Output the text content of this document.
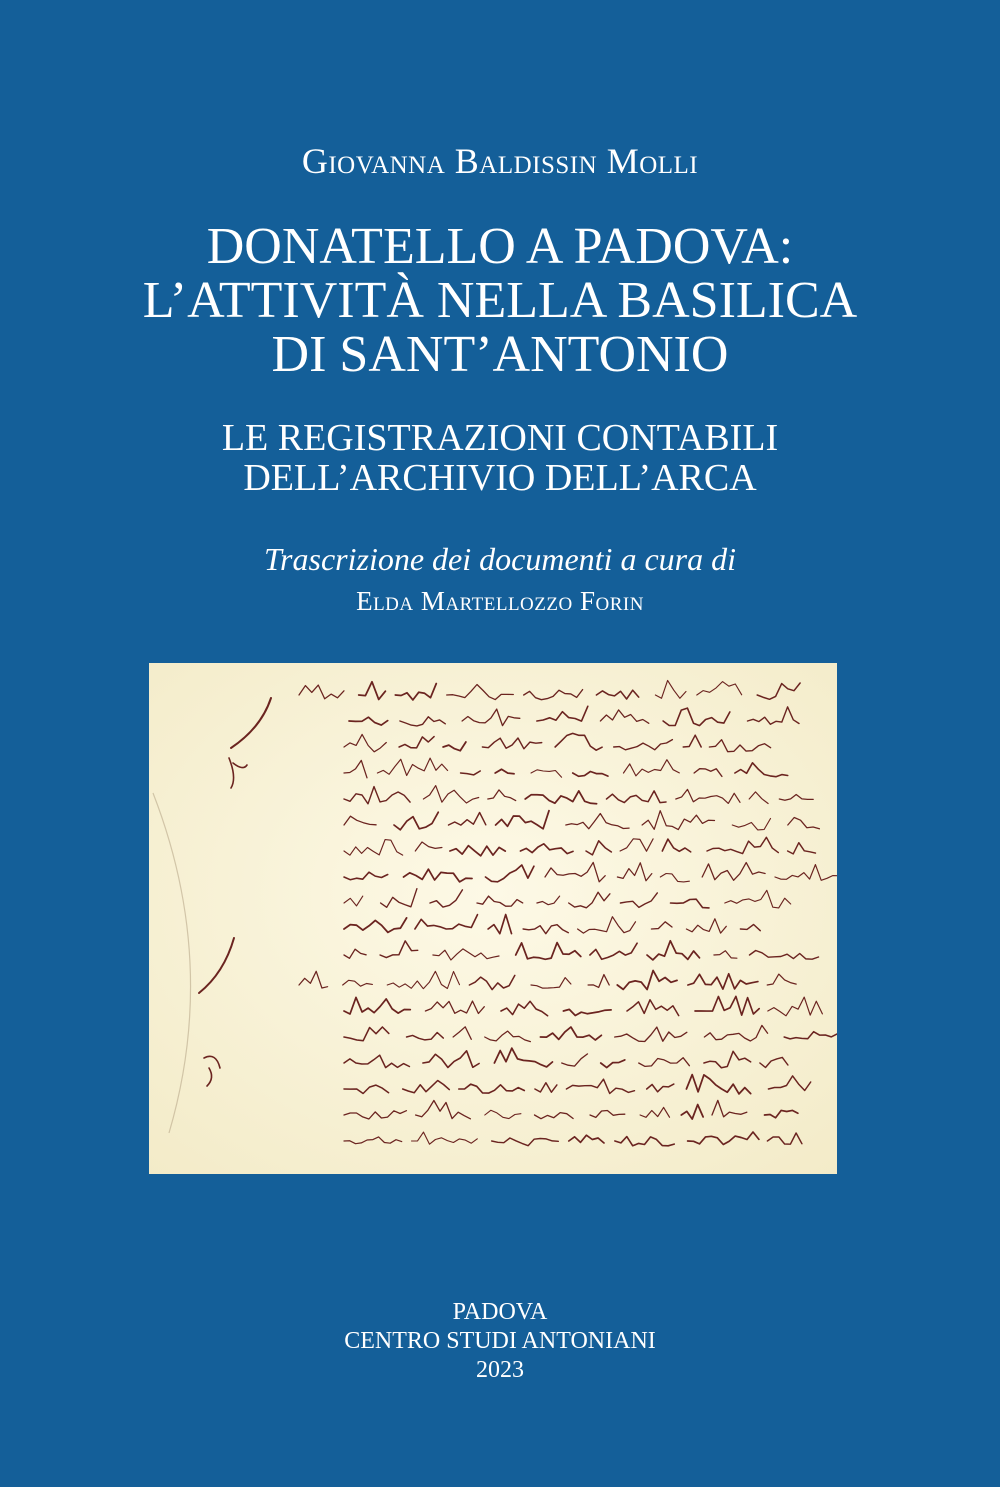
Giovanna Baldissin Molli
DONATELLO A PADOVA:
L’ATTIVITÀ NELLA BASILICA
DI SANT’ANTONIO
LE REGISTRAZIONI CONTABILI
DELL’ARCHIVIO DELL’ARCA
Trascrizione dei documenti a cura di
Elda Martellozzo Forin
PADOVA
CENTRO STUDI ANTONIANI
2023
